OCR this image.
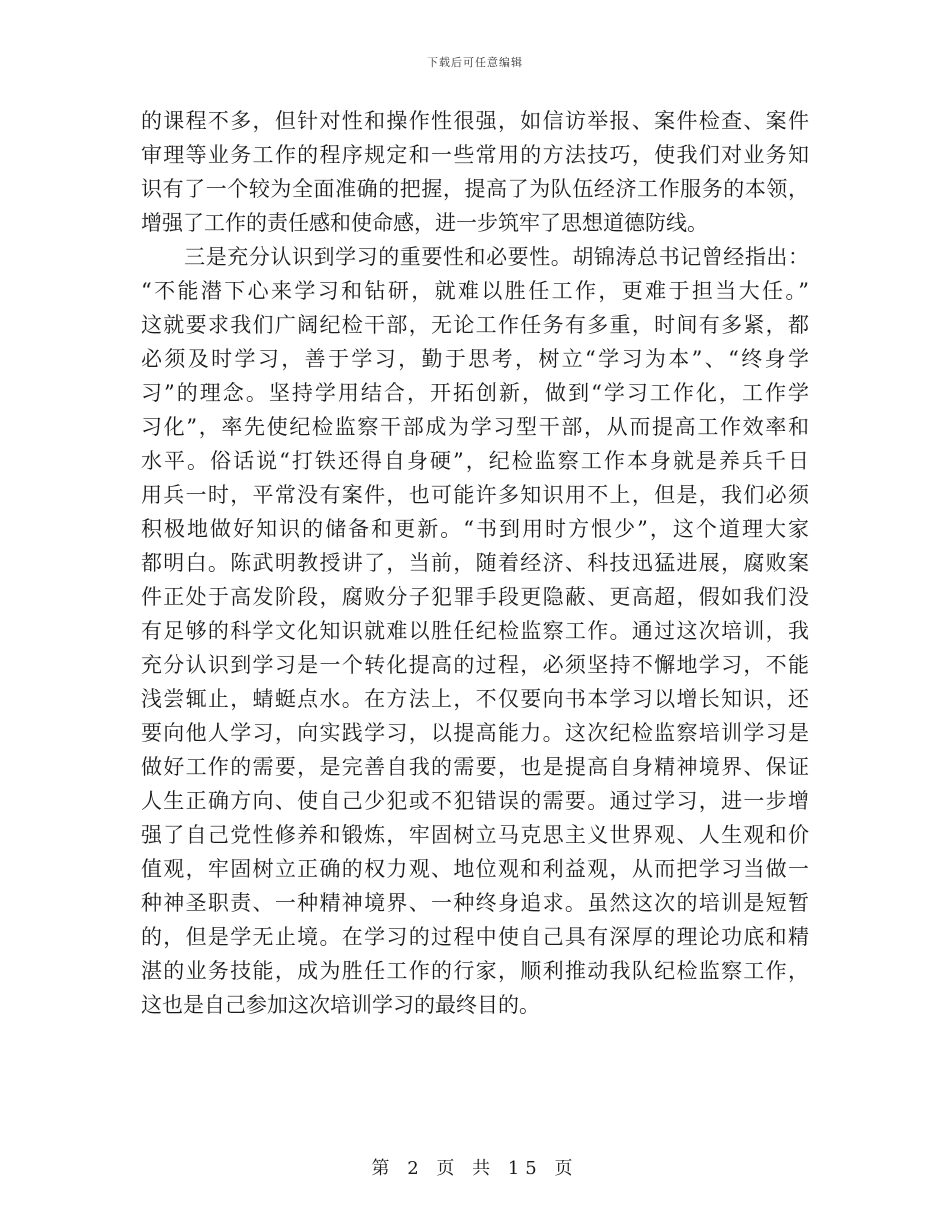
下载后可任意编辑
的课程不多，但针对性和操作性很强，如信访举报、案件检查、案件
审理等业务工作的程序规定和一些常用的方法技巧，使我们对业务知
识有了一个较为全面准确的把握，提高了为队伍经济工作服务的本领，
增强了工作的责任感和使命感，进一步筑牢了思想道德防线。
　　三是充分认识到学习的重要性和必要性。胡锦涛总书记曾经指出：
“不能潜下心来学习和钻研，就难以胜任工作，更难于担当大任。”
这就要求我们广阔纪检干部，无论工作任务有多重，时间有多紧，都
必须及时学习，善于学习，勤于思考，树立“学习为本”、“终身学
习”的理念。坚持学用结合，开拓创新，做到“学习工作化，工作学
习化”，率先使纪检监察干部成为学习型干部，从而提高工作效率和
水平。俗话说“打铁还得自身硬”，纪检监察工作本身就是养兵千日
用兵一时，平常没有案件，也可能许多知识用不上，但是，我们必须
积极地做好知识的储备和更新。“书到用时方恨少”，这个道理大家
都明白。陈武明教授讲了，当前，随着经济、科技迅猛进展，腐败案
件正处于高发阶段，腐败分子犯罪手段更隐蔽、更高超，假如我们没
有足够的科学文化知识就难以胜任纪检监察工作。通过这次培训，我
充分认识到学习是一个转化提高的过程，必须坚持不懈地学习，不能
浅尝辄止，蜻蜓点水。在方法上，不仅要向书本学习以增长知识，还
要向他人学习，向实践学习，以提高能力。这次纪检监察培训学习是
做好工作的需要，是完善自我的需要，也是提高自身精神境界、保证
人生正确方向、使自己少犯或不犯错误的需要。通过学习，进一步增
强了自己党性修养和锻炼，牢固树立马克思主义世界观、人生观和价
值观，牢固树立正确的权力观、地位观和利益观，从而把学习当做一
种神圣职责、一种精神境界、一种终身追求。虽然这次的培训是短暂
的，但是学无止境。在学习的过程中使自己具有深厚的理论功底和精
湛的业务技能，成为胜任工作的行家，顺利推动我队纪检监察工作，
这也是自己参加这次培训学习的最终目的。
第 2 页 共 15 页
